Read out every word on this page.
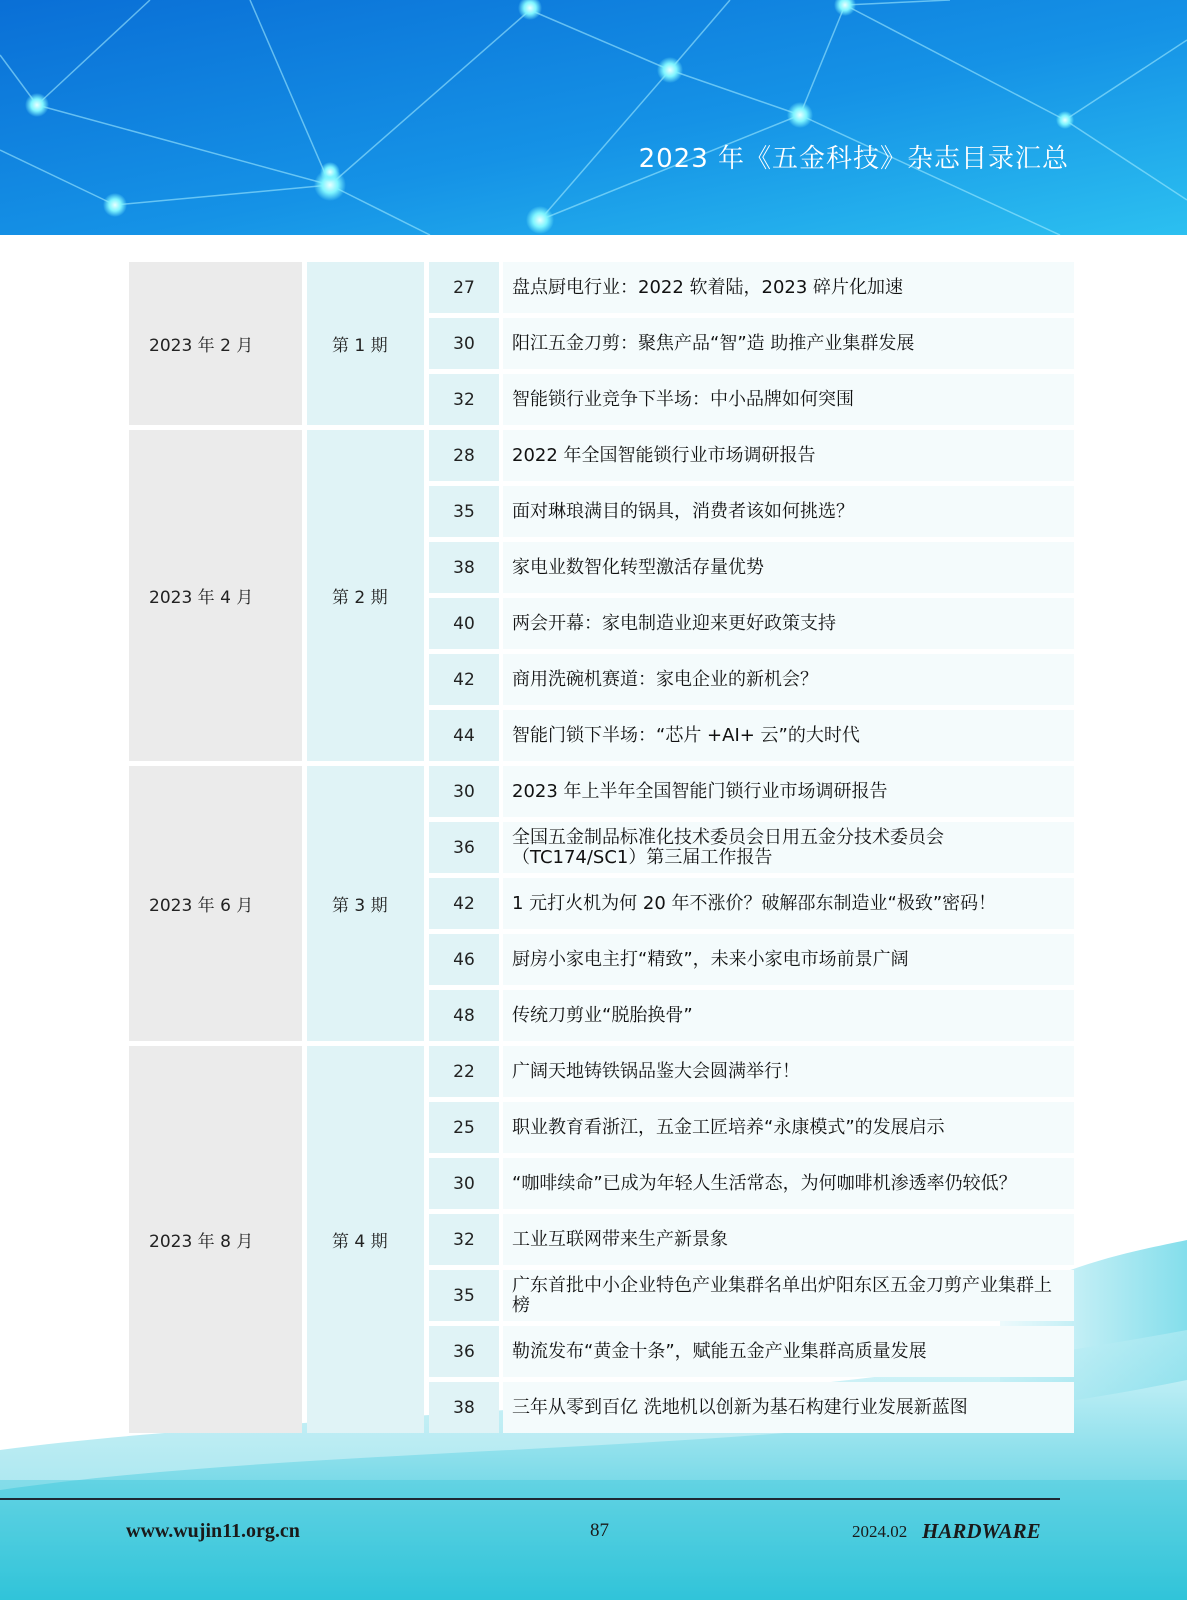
2023 年《五金科技》杂志目录汇总
2023 年 2 月	第 1 期
27	盘点厨电行业：2022 软着陆，2023 碎片化加速
30	阳江五金刀剪：聚焦产品“智”造 助推产业集群发展
32	智能锁行业竞争下半场：中小品牌如何突围
2023 年 4 月	第 2 期
28	2022 年全国智能锁行业市场调研报告
35	面对琳琅满目的锅具，消费者该如何挑选？
38	家电业数智化转型激活存量优势
40	两会开幕：家电制造业迎来更好政策支持
42	商用洗碗机赛道：家电企业的新机会？
44	智能门锁下半场：“芯片 +AI+ 云”的大时代
2023 年 6 月	第 3 期
30	2023 年上半年全国智能门锁行业市场调研报告
36	全国五金制品标准化技术委员会日用五金分技术委员会（TC174/SC1）第三届工作报告
42	1 元打火机为何 20 年不涨价？破解邵东制造业“极致”密码！
46	厨房小家电主打“精致”，未来小家电市场前景广阔
48	传统刀剪业“脱胎换骨”
2023 年 8 月	第 4 期
22	广阔天地铸铁锅品鉴大会圆满举行！
25	职业教育看浙江，五金工匠培养“永康模式”的发展启示
30	“咖啡续命”已成为年轻人生活常态，为何咖啡机渗透率仍较低？
32	工业互联网带来生产新景象
35	广东首批中小企业特色产业集群名单出炉阳东区五金刀剪产业集群上榜
36	勒流发布“黄金十条”，赋能五金产业集群高质量发展
38	三年从零到百亿 洗地机以创新为基石构建行业发展新蓝图
www.wujin11.org.cn	87	2024.02 HARDWARE
